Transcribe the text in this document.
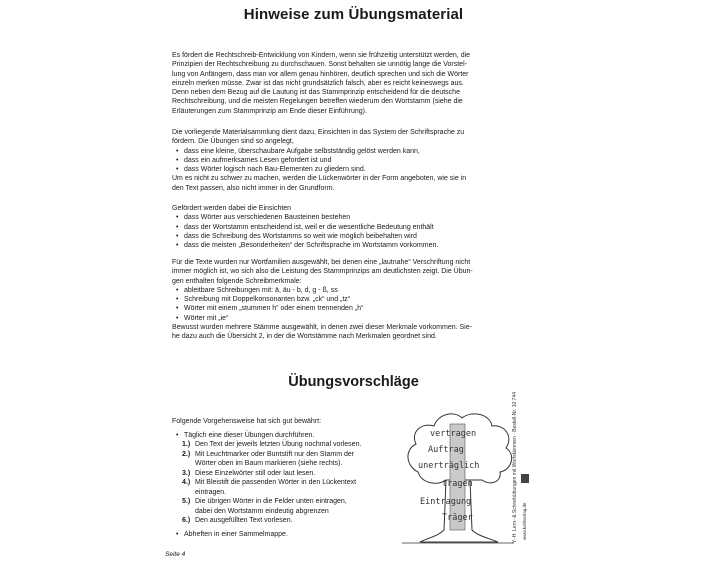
Hinweise zum Übungsmaterial

Es fördert die Rechtschreib-Entwicklung von Kindern, wenn sie frühzeitig unterstützt werden, die

Prinzipien der Rechtschreibung zu durchschauen. Sonst behalten sie unnötig lange die Vorstel-

lung von Anfängern, dass man vor allem genau hinhören, deutlich sprechen und sich die Wörter

einzeln merken müsse. Zwar ist das nicht grundsätzlich falsch, aber es reicht keineswegs aus.

Denn neben dem Bezug auf die Lautung ist das Stammprinzip entscheidend für die deutsche

Rechtschreibung, und die meisten Regelungen betreffen wiederum den Wortstamm (siehe die

Erläuterungen zum Stammprinzip am Ende dieser Einführung).

Die vorliegende Materialsammlung dient dazu, Einsichten in das System der Schriftsprache zu

fördern. Die Übungen sind so angelegt,

• dass eine kleine, überschaubare Aufgabe selbstständig gelöst werden kann,
• dass ein aufmerksames Lesen gefordert ist und
• dass Wörter logisch nach Bau-Elementen zu gliedern sind.

Um es nicht zu schwer zu machen, werden die Lückenwörter in der Form angeboten, wie sie in

den Text passen, also nicht immer in der Grundform.

Gefördert werden dabei die Einsichten

• dass Wörter aus verschiedenen Bausteinen bestehen
• dass der Wortstamm entscheidend ist, weil er die wesentliche Bedeutung enthält
• dass die Schreibung des Wortstamms so weit wie möglich beibehalten wird
• dass die meisten „Besonderheiten“ der Schriftsprache im Wortstamm vorkommen.

Für die Texte wurden nur Wortfamilien ausgewählt, bei denen eine „lautnahe“ Verschriftung nicht

immer möglich ist, wo sich also die Leistung des Stammprinzips am deutlichsten zeigt. Die Übun-

gen enthalten folgende Schreibmerkmale:

• ableitbare Schreibungen mit: ä, äu - b, d, g - ß, ss
• Schreibung mit Doppelkonsonanten bzw. „ck“ und „tz“
• Wörter mit einem „stummen h“ oder einem trennenden „h“
• Wörter mit „ie“

Bewusst wurden mehrere Stämme ausgewählt, in denen zwei dieser Merkmale vorkommen. Sie-

he dazu auch die Übersicht 2, in der die Wortstämme nach Merkmalen geordnet sind.

Übungsvorschläge

Folgende Vorgehensweise hat sich gut bewährt:

• Täglich eine dieser Übungen durchführen.
1.) Den Text der jeweils letzten Übung nochmal vorlesen.
2.) Mit Leuchtmarker oder Buntstift nur den Stamm der
Wörter oben im Baum markieren (siehe rechts).
3.) Diese Einzelwörter still oder laut lesen.
4.) Mit Bleistift die passenden Wörter in den Lückentext
eintragen.
5.) Die übrigen Wörter in die Felder unten eintragen,
dabei den Wortstamm eindeutig abgrenzen
6.) Den ausgefüllten Text vorlesen.
• Abheften in einer Sammelmappe.
vertragen
Auftrag
unerträglich
tragen
Eintragung
Träger	Y.-H. Lern- & Schreibübungen mit Wortstämmen · Bestell-Nr. 10 744 www.kohlverlag.de
Seite 4
